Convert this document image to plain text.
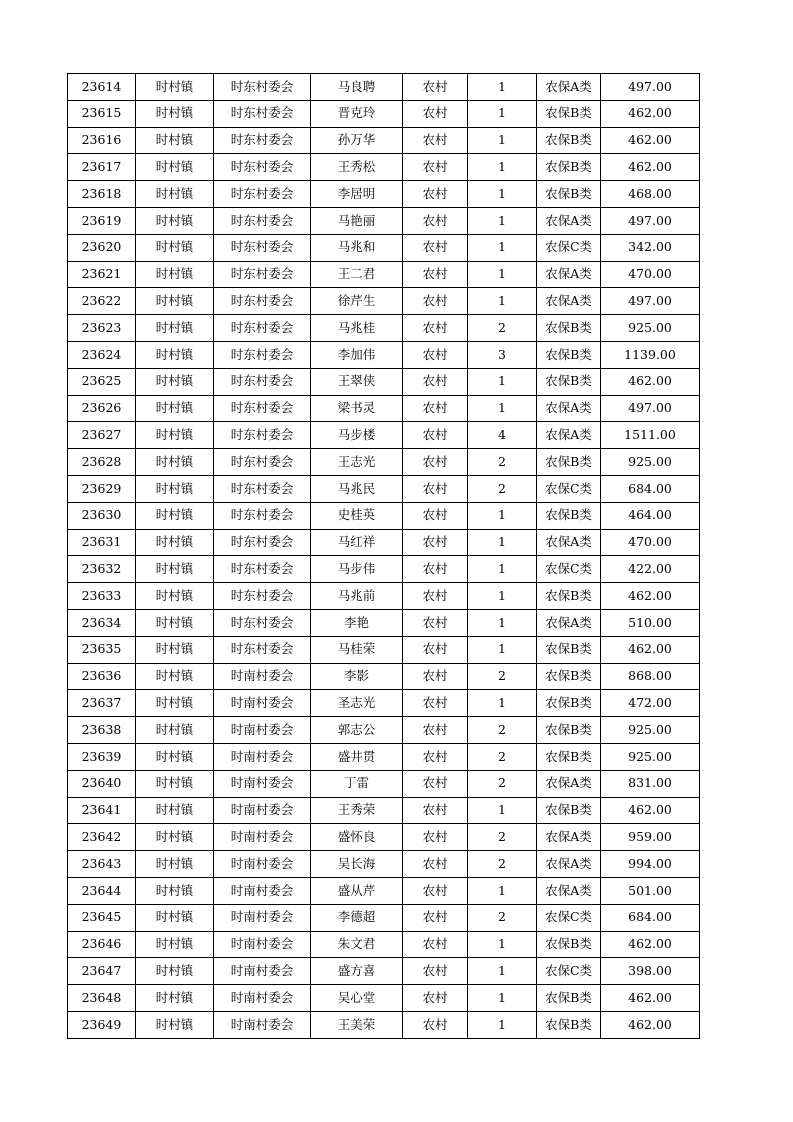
23614	时村镇	时东村委会	马良聘	农村	1	农保A类	497.00
23615	时村镇	时东村委会	晋克玲	农村	1	农保B类	462.00
23616	时村镇	时东村委会	孙万华	农村	1	农保B类	462.00
23617	时村镇	时东村委会	王秀松	农村	1	农保B类	462.00
23618	时村镇	时东村委会	李居明	农村	1	农保B类	468.00
23619	时村镇	时东村委会	马艳丽	农村	1	农保A类	497.00
23620	时村镇	时东村委会	马兆和	农村	1	农保C类	342.00
23621	时村镇	时东村委会	王二君	农村	1	农保A类	470.00
23622	时村镇	时东村委会	徐芹生	农村	1	农保A类	497.00
23623	时村镇	时东村委会	马兆桂	农村	2	农保B类	925.00
23624	时村镇	时东村委会	李加伟	农村	3	农保B类	1139.00
23625	时村镇	时东村委会	王翠侠	农村	1	农保B类	462.00
23626	时村镇	时东村委会	梁书灵	农村	1	农保A类	497.00
23627	时村镇	时东村委会	马步楼	农村	4	农保A类	1511.00
23628	时村镇	时东村委会	王志光	农村	2	农保B类	925.00
23629	时村镇	时东村委会	马兆民	农村	2	农保C类	684.00
23630	时村镇	时东村委会	史桂英	农村	1	农保B类	464.00
23631	时村镇	时东村委会	马红祥	农村	1	农保A类	470.00
23632	时村镇	时东村委会	马步伟	农村	1	农保C类	422.00
23633	时村镇	时东村委会	马兆前	农村	1	农保B类	462.00
23634	时村镇	时东村委会	李艳	农村	1	农保A类	510.00
23635	时村镇	时东村委会	马桂荣	农村	1	农保B类	462.00
23636	时村镇	时南村委会	李影	农村	2	农保B类	868.00
23637	时村镇	时南村委会	圣志光	农村	1	农保B类	472.00
23638	时村镇	时南村委会	郭志公	农村	2	农保B类	925.00
23639	时村镇	时南村委会	盛井贯	农村	2	农保B类	925.00
23640	时村镇	时南村委会	丁雷	农村	2	农保A类	831.00
23641	时村镇	时南村委会	王秀荣	农村	1	农保B类	462.00
23642	时村镇	时南村委会	盛怀良	农村	2	农保A类	959.00
23643	时村镇	时南村委会	吴长海	农村	2	农保A类	994.00
23644	时村镇	时南村委会	盛从芹	农村	1	农保A类	501.00
23645	时村镇	时南村委会	李德超	农村	2	农保C类	684.00
23646	时村镇	时南村委会	朱文君	农村	1	农保B类	462.00
23647	时村镇	时南村委会	盛方喜	农村	1	农保C类	398.00
23648	时村镇	时南村委会	吴心堂	农村	1	农保B类	462.00
23649	时村镇	时南村委会	王美荣	农村	1	农保B类	462.00
